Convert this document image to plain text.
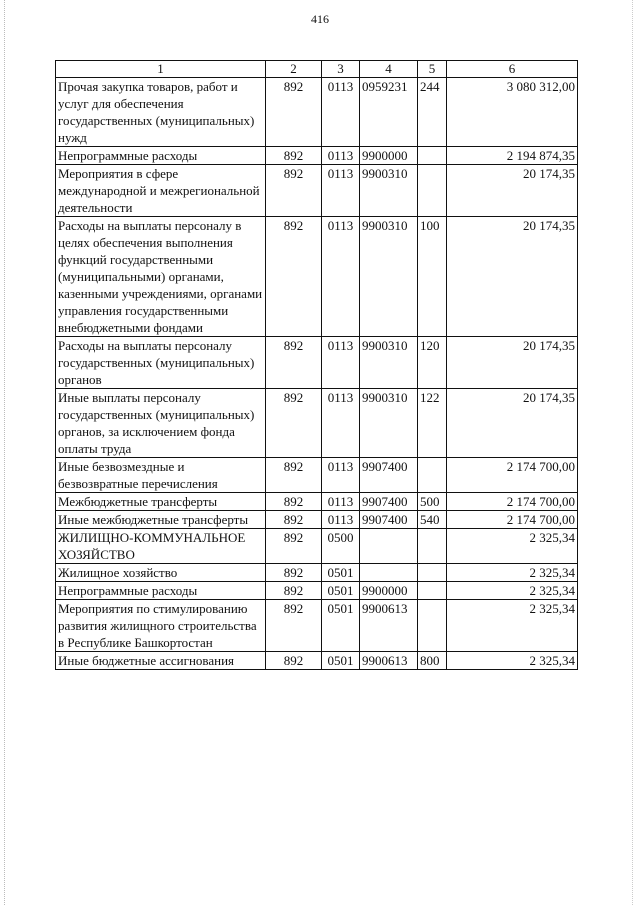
416
1	2	3	4	5	6
Прочая закупка товаров, работ и услуг для обеспечения государственных (муниципальных) нужд	892	0113	0959231	244	3 080 312,00
Непрограммные расходы	892	0113	9900000		2 194 874,35
Мероприятия в сфере международной и межрегиональной деятельности	892	0113	9900310		20 174,35
Расходы на выплаты персоналу в целях обеспечения выполнения функций государственными (муниципальными) органами, казенными учреждениями, органами управления государственными внебюджетными фондами	892	0113	9900310	100	20 174,35
Расходы на выплаты персоналу государственных (муниципальных) органов	892	0113	9900310	120	20 174,35
Иные выплаты персоналу государственных (муниципальных) органов, за исключением фонда оплаты труда	892	0113	9900310	122	20 174,35
Иные безвозмездные и безвозвратные перечисления	892	0113	9907400		2 174 700,00
Межбюджетные трансферты	892	0113	9907400	500	2 174 700,00
Иные межбюджетные трансферты	892	0113	9907400	540	2 174 700,00
ЖИЛИЩНО-КОММУНАЛЬНОЕ ХОЗЯЙСТВО	892	0500			2 325,34
Жилищное хозяйство	892	0501			2 325,34
Непрограммные расходы	892	0501	9900000		2 325,34
Мероприятия по стимулированию развития жилищного строительства в Республике Башкортостан	892	0501	9900613		2 325,34
Иные бюджетные ассигнования	892	0501	9900613	800	2 325,34
